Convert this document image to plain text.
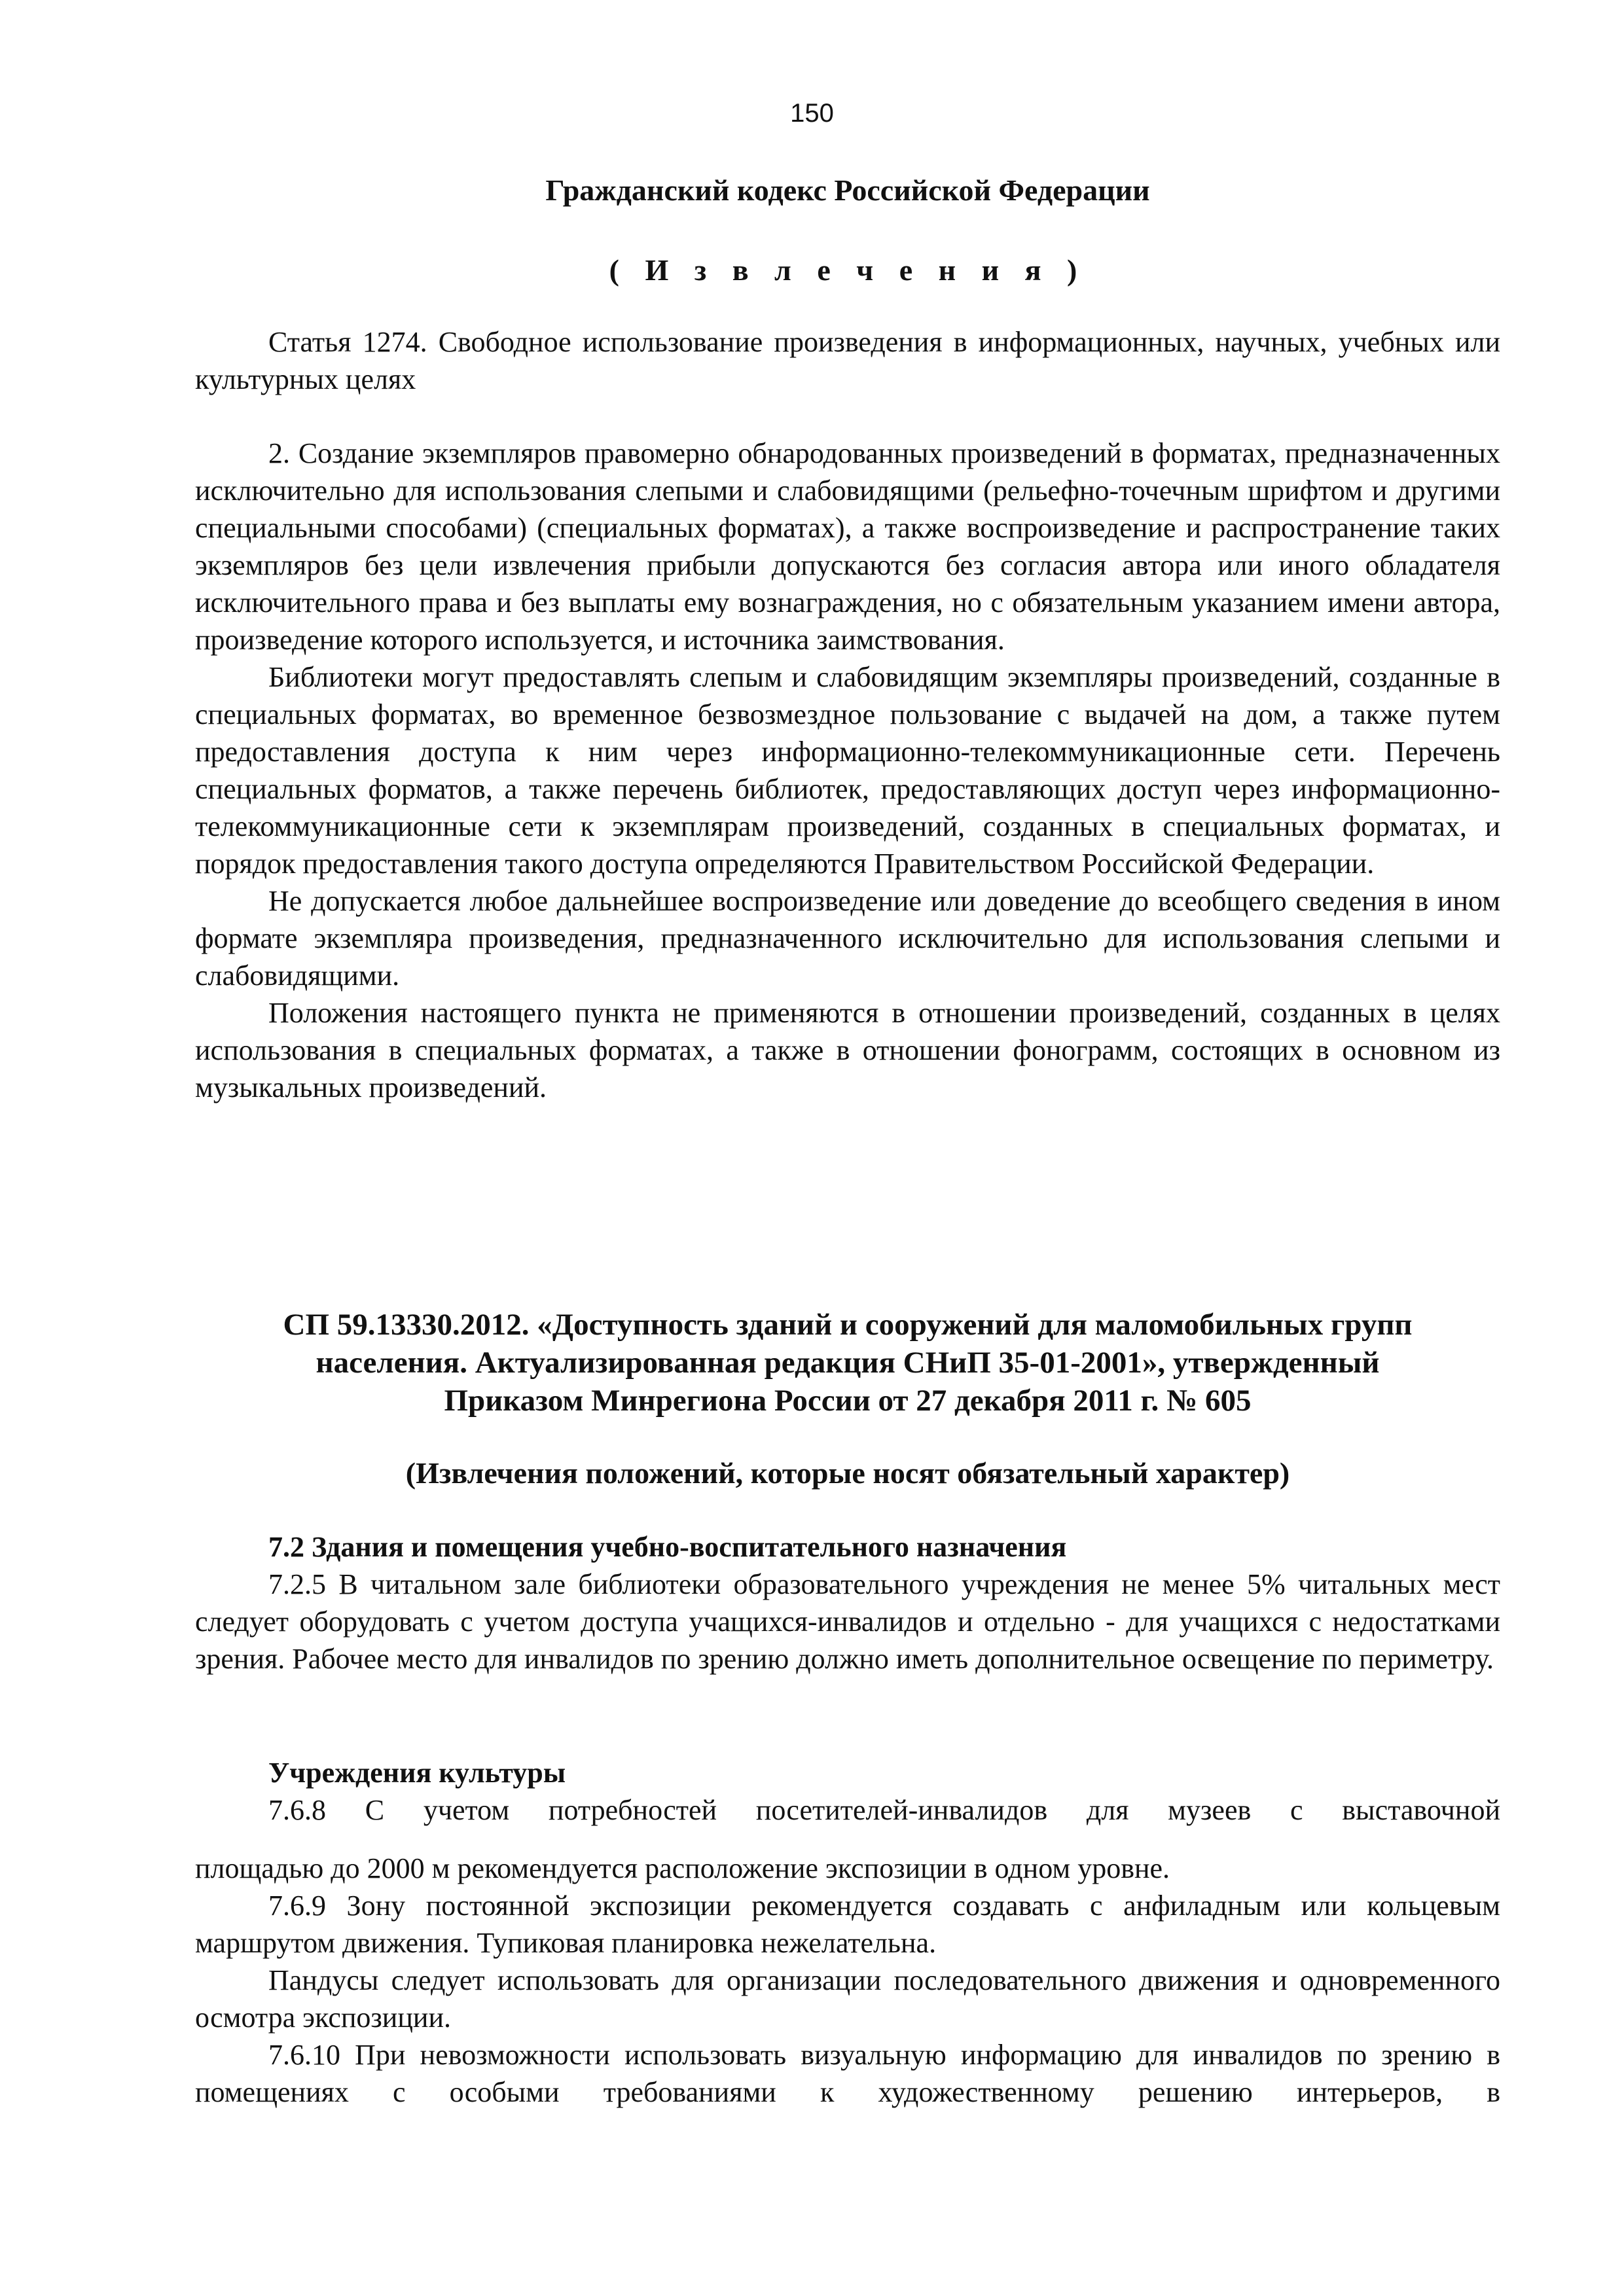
150
Гражданский кодекс Российской Федерации
( И з в л е ч е н и я )

Статья 1274. Свободное использование произведения в информационных, научных, учебных или культурных целях

2. Создание экземпляров правомерно обнародованных произведений в форматах, предназначенных исключительно для использования слепыми и слабовидящими (рельефно-точечным шрифтом и другими специальными способами) (специальных форматах), а также воспроизведение и распространение таких экземпляров без цели извлечения прибыли допускаются без согласия автора или иного обладателя исключительного права и без выплаты ему вознаграждения, но с обязательным указанием имени автора, произведение которого используется, и источника заимствования.

Библиотеки могут предоставлять слепым и слабовидящим экземпляры произведений, созданные в специальных форматах, во временное безвозмездное пользование с выдачей на дом, а также путем предоставления доступа к ним через информационно-телекоммуникационные сети. Перечень специальных форматов, а также перечень библиотек, предоставляющих доступ через информационно-телекоммуникационные сети к экземплярам произведений, созданных в специальных форматах, и порядок предоставления такого доступа определяются Правительством Российской Федерации.

Не допускается любое дальнейшее воспроизведение или доведение до всеобщего сведения в ином формате экземпляра произведения, предназначенного исключительно для использования слепыми и слабовидящими.

Положения настоящего пункта не применяются в отношении произведений, созданных в целях использования в специальных форматах, а также в отношении фонограмм, состоящих в основном из музыкальных произведений.

СП 59.13330.2012. «Доступность зданий и сооружений для маломобильных групп
населения. Актуализированная редакция СНиП 35-01-2001», утвержденный
Приказом Минрегиона России от 27 декабря 2011 г. № 605
(Извлечения положений, которые носят обязательный характер)

7.2 Здания и помещения учебно-воспитательного назначения

7.2.5 В читальном зале библиотеки образовательного учреждения не менее 5% читальных мест следует оборудовать с учетом доступа учащихся-инвалидов и отдельно - для учащихся с недостатками зрения. Рабочее место для инвалидов по зрению должно иметь дополнительное освещение по периметру.

Учреждения культуры

7.6.8 С учетом потребностей посетителей-инвалидов для музеев с выставочной

площадью до 2000 м рекомендуется расположение экспозиции в одном уровне.

7.6.9 Зону постоянной экспозиции рекомендуется создавать с анфиладным или кольцевым маршрутом движения. Тупиковая планировка нежелательна.

Пандусы следует использовать для организации последовательного движения и одновременного осмотра экспозиции.

7.6.10 При невозможности использовать визуальную информацию для инвалидов по зрению в помещениях с особыми требованиями к художественному решению интерьеров, в
